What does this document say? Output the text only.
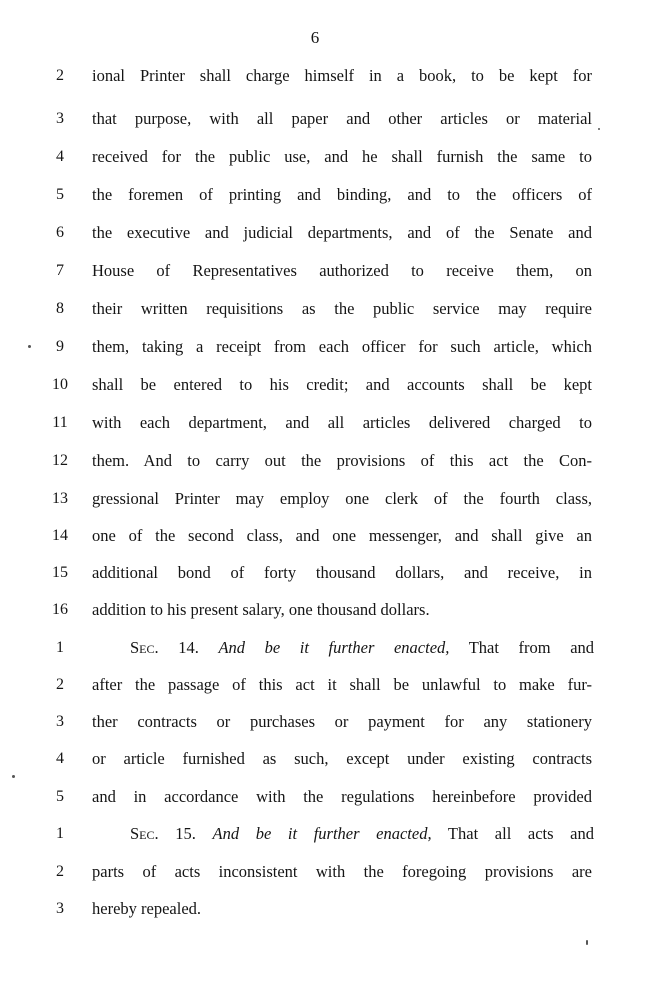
6
2	ional Printer shall charge himself in a book, to be kept for
3	that purpose, with all paper and other articles or material
4	received for the public use, and he shall furnish the same to
5	the foremen of printing and binding, and to the officers of
6	the executive and judicial departments, and of the Senate and
7	House of Representatives authorized to receive them, on
8	their written requisitions as the public service may require
9	them, taking a receipt from each officer for such article, which
10	shall be entered to his credit; and accounts shall be kept
11	with each department, and all articles delivered charged to
12	them. And to carry out the provisions of this act the Con-
13	gressional Printer may employ one clerk of the fourth class,
14	one of the second class, and one messenger, and shall give an
15	additional bond of forty thousand dollars, and receive, in
16	addition to his present salary, one thousand dollars.
1	Sec. 14. And be it further enacted, That from and
2	after the passage of this act it shall be unlawful to make fur-
3	ther contracts or purchases or payment for any stationery
4	or article furnished as such, except under existing contracts
5	and in accordance with the regulations hereinbefore provided
1	Sec. 15. And be it further enacted, That all acts and
2	parts of acts inconsistent with the foregoing provisions are
3	hereby repealed.
